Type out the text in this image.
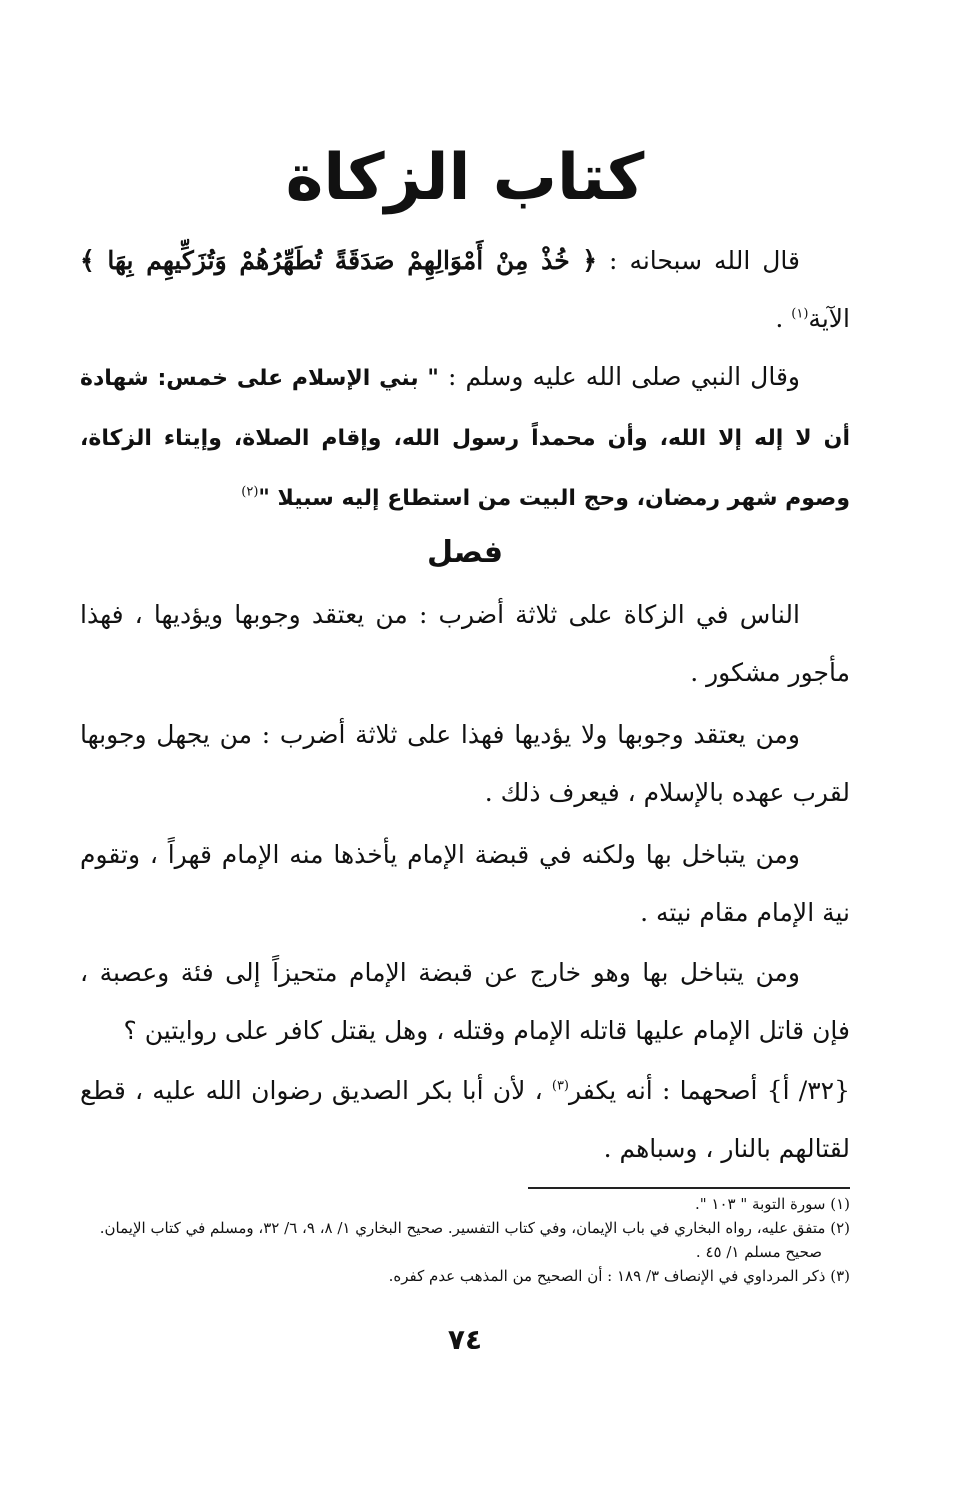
كتاب الزكاة

قال الله سبحانه : ﴿ خُذْ مِنْ أَمْوَالِهِمْ صَدَقَةً تُطَهِّرُهُمْ وَتُزَكِّيهِم بِهَا ﴾ الآية$^{(١)}$ .

وقال النبي صلى الله عليه وسلم : " بني الإسلام على خمس: شهادة أن لا إله إلا الله، وأن محمداً رسول الله، وإقام الصلاة، وإيتاء الزكاة، وصوم شهر رمضان، وحج البيت من استطاع إليه سبيلا "$^{(٢)}$

فصل

الناس في الزكاة على ثلاثة أضرب : من يعتقد وجوبها ويؤديها ، فهذا مأجور مشكور .

ومن يعتقد وجوبها ولا يؤديها فهذا على ثلاثة أضرب : من يجهل وجوبها لقرب عهده بالإسلام ، فيعرف ذلك .

ومن يتباخل بها ولكنه في قبضة الإمام يأخذها منه الإمام قهراً ، وتقوم نية الإمام مقام نيته .

ومن يتباخل بها وهو خارج عن قبضة الإمام متحيزاً إلى فئة وعصبة ، فإن قاتل الإمام عليها قاتله الإمام وقتله ، وهل يقتل كافر على روايتين ؟

{٣٢/ أ} أصحهما : أنه يكفر$^{(٣)}$ ، لأن أبا بكر الصديق رضوان الله عليه ، قطع لقتالهم بالنار ، وسباهم .

(١) سورة التوبة " ١٠٣ ".
(٢) متفق عليه، رواه البخاري في باب الإيمان، وفي كتاب التفسير. صحيح البخاري ١/ ٨، ٩، ٦/ ٣٢، ومسلم في كتاب الإيمان. صحيح مسلم ١/ ٤٥ .
(٣) ذكر المرداوي في الإنصاف ٣/ ١٨٩ : أن الصحيح من المذهب عدم كفره.
٧٤
